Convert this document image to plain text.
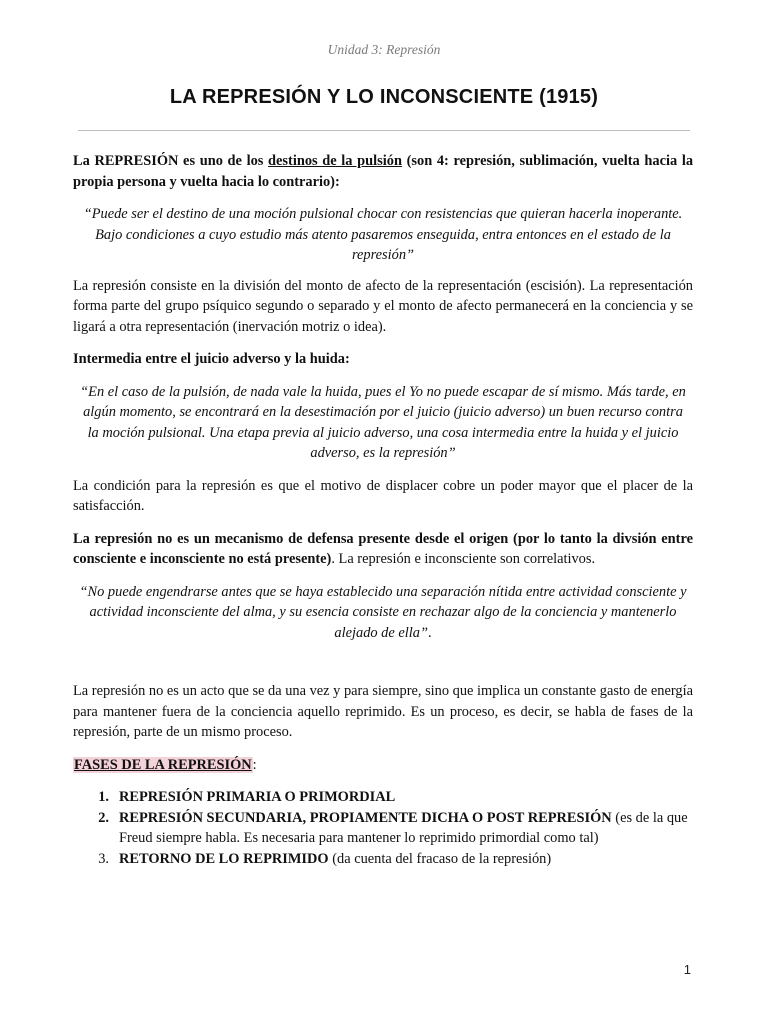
Unidad 3: Represión
LA REPRESIÓN Y LO INCONSCIENTE (1915)

La REPRESIÓN es uno de los destinos de la pulsión (son 4: represión, sublimación, vuelta hacia la propia persona y vuelta hacia lo contrario):

“Puede ser el destino de una moción pulsional chocar con resistencias que quieran hacerla inoperante. Bajo condiciones a cuyo estudio más atento pasaremos enseguida, entra entonces en el estado de la represión”

La represión consiste en la división del monto de afecto de la representación (escisión). La representación forma parte del grupo psíquico segundo o separado y el monto de afecto permanecerá en la conciencia y se ligará a otra representación (inervación motriz o idea).

Intermedia entre el juicio adverso y la huida:

“En el caso de la pulsión, de nada vale la huida, pues el Yo no puede escapar de sí mismo. Más tarde, en algún momento, se encontrará en la desestimación por el juicio (juicio adverso) un buen recurso contra la moción pulsional. Una etapa previa al juicio adverso, una cosa intermedia entre la huida y el juicio adverso, es la represión”

La condición para la represión es que el motivo de displacer cobre un poder mayor que el placer de la satisfacción.

La represión no es un mecanismo de defensa presente desde el origen (por lo tanto la divsión entre consciente e inconsciente no está presente). La represión e inconsciente son correlativos.

“No puede engendrarse antes que se haya establecido una separación nítida entre actividad consciente y actividad inconsciente del alma, y su esencia consiste en rechazar algo de la conciencia y mantenerlo alejado de ella”.

La represión no es un acto que se da una vez y para siempre, sino que implica un constante gasto de energía para mantener fuera de la conciencia aquello reprimido. Es un proceso, es decir, se habla de fases de la represión, parte de un mismo proceso.

FASES DE LA REPRESIÓN:

1. REPRESIÓN PRIMARIA O PRIMORDIAL
2. REPRESIÓN SECUNDARIA, PROPIAMENTE DICHA O POST REPRESIÓN (es de la que Freud siempre habla. Es necesaria para mantener lo reprimido primordial como tal)
3. RETORNO DE LO REPRIMIDO (da cuenta del fracaso de la represión)
1
